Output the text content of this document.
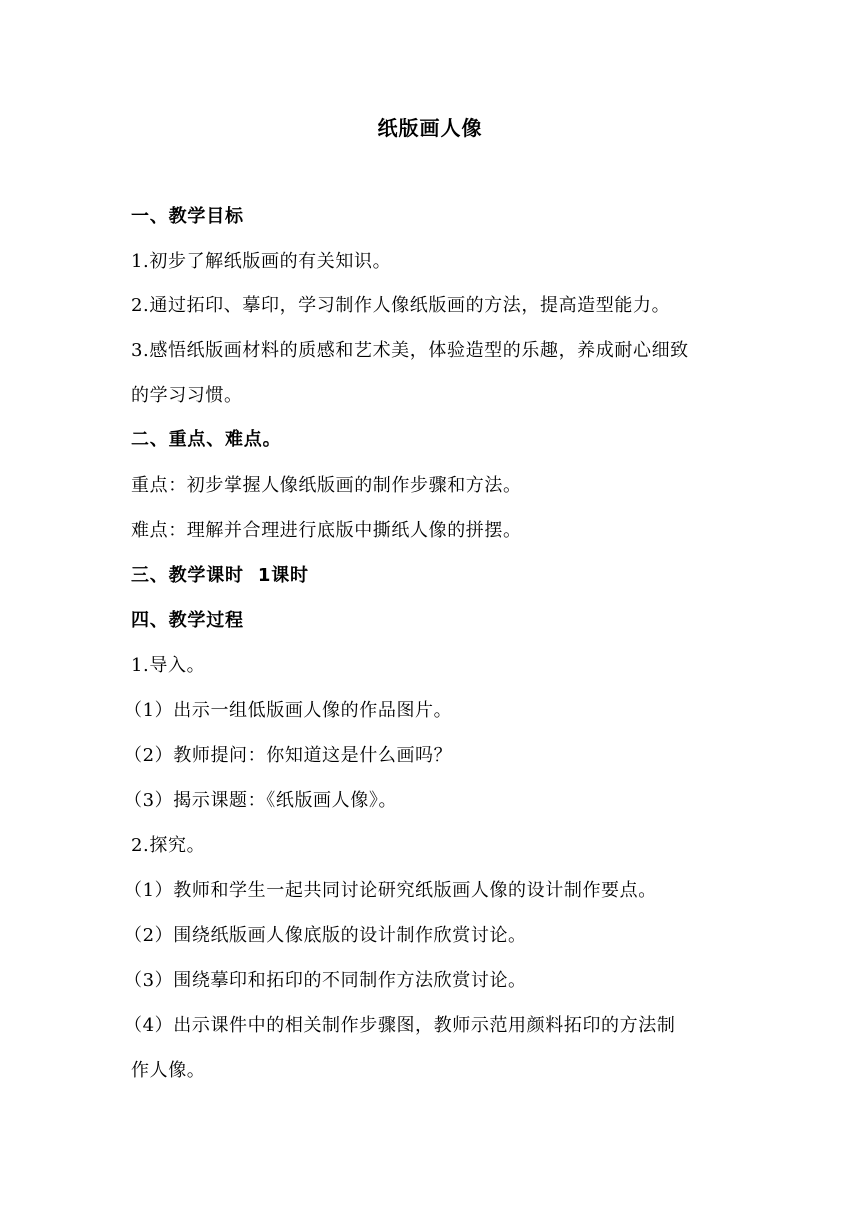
纸版画人像
一、教学目标
1.初步了解纸版画的有关知识。
2.通过拓印、摹印，学习制作人像纸版画的方法，提高造型能力。
3.感悟纸版画材料的质感和艺术美，体验造型的乐趣，养成耐心细致
的学习习惯。
二、重点、难点。
重点：初步掌握人像纸版画的制作步骤和方法。
难点：理解并合理进行底版中撕纸人像的拼摆。
三、教学课时  1课时
四、教学过程
1.导入。
（1）出示一组低版画人像的作品图片。
（2）教师提问：你知道这是什么画吗？
（3）揭示课题：《纸版画人像》。
2.探究。
（1）教师和学生一起共同讨论研究纸版画人像的设计制作要点。
（2）围绕纸版画人像底版的设计制作欣赏讨论。
（3）围绕摹印和拓印的不同制作方法欣赏讨论。
（4）出示课件中的相关制作步骤图，教师示范用颜料拓印的方法制
作人像。
